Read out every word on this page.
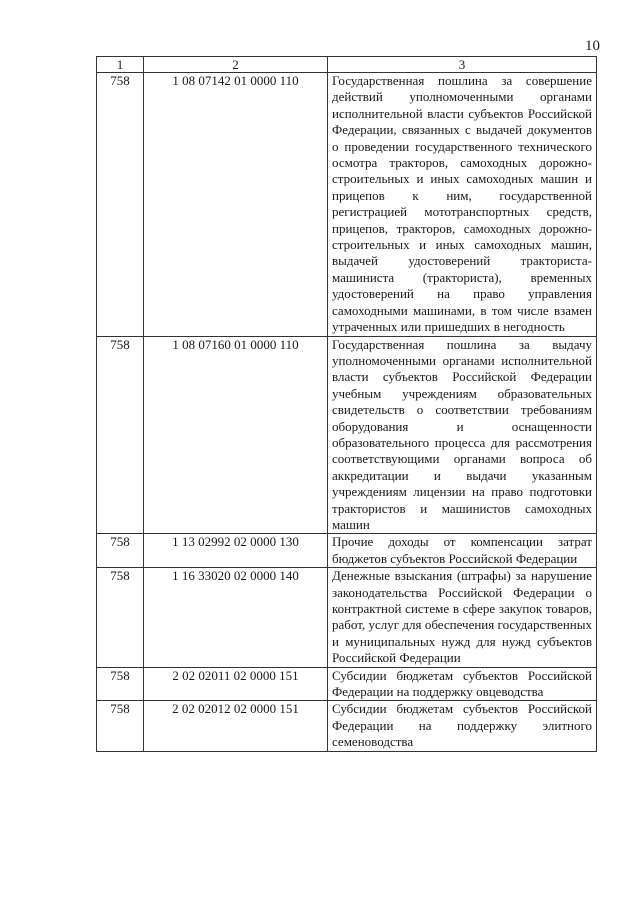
10
1	2	3
758	1 08 07142 01 0000 110	Государственная пошлина за совершение действий уполномоченными органами исполнительной власти субъектов Российской Федерации, связанных с выдачей документов о проведении государственного технического осмотра тракторов, самоходных дорожно-строительных и иных самоходных машин и прицепов к ним, государственной регистрацией мототранспортных средств, прицепов, тракторов, самоходных дорожно-строительных и иных самоходных машин, выдачей удостоверений тракториста-машиниста (тракториста), временных удостоверений на право управления самоходными машинами, в том числе взамен утраченных или пришедших в негодность
758	1 08 07160 01 0000 110	Государственная пошлина за выдачу уполномоченными органами исполнительной власти субъектов Российской Федерации учебным учреждениям образовательных свидетельств о соответствии требованиям оборудования и оснащенности образовательного процесса для рассмотрения соответствующими органами вопроса об аккредитации и выдачи указанным учреждениям лицензии на право подготовки трактористов и машинистов самоходных машин
758	1 13 02992 02 0000 130	Прочие доходы от компенсации затрат бюджетов субъектов Российской Федерации
758	1 16 33020 02 0000 140	Денежные взыскания (штрафы) за нарушение законодательства Российской Федерации о контрактной системе в сфере закупок товаров, работ, услуг для обеспечения государственных и муниципальных нужд для нужд субъектов Российской Федерации
758	2 02 02011 02 0000 151	Субсидии бюджетам субъектов Российской Федерации на поддержку овцеводства
758	2 02 02012 02 0000 151	Субсидии бюджетам субъектов Российской Федерации на поддержку элитного семеноводства
